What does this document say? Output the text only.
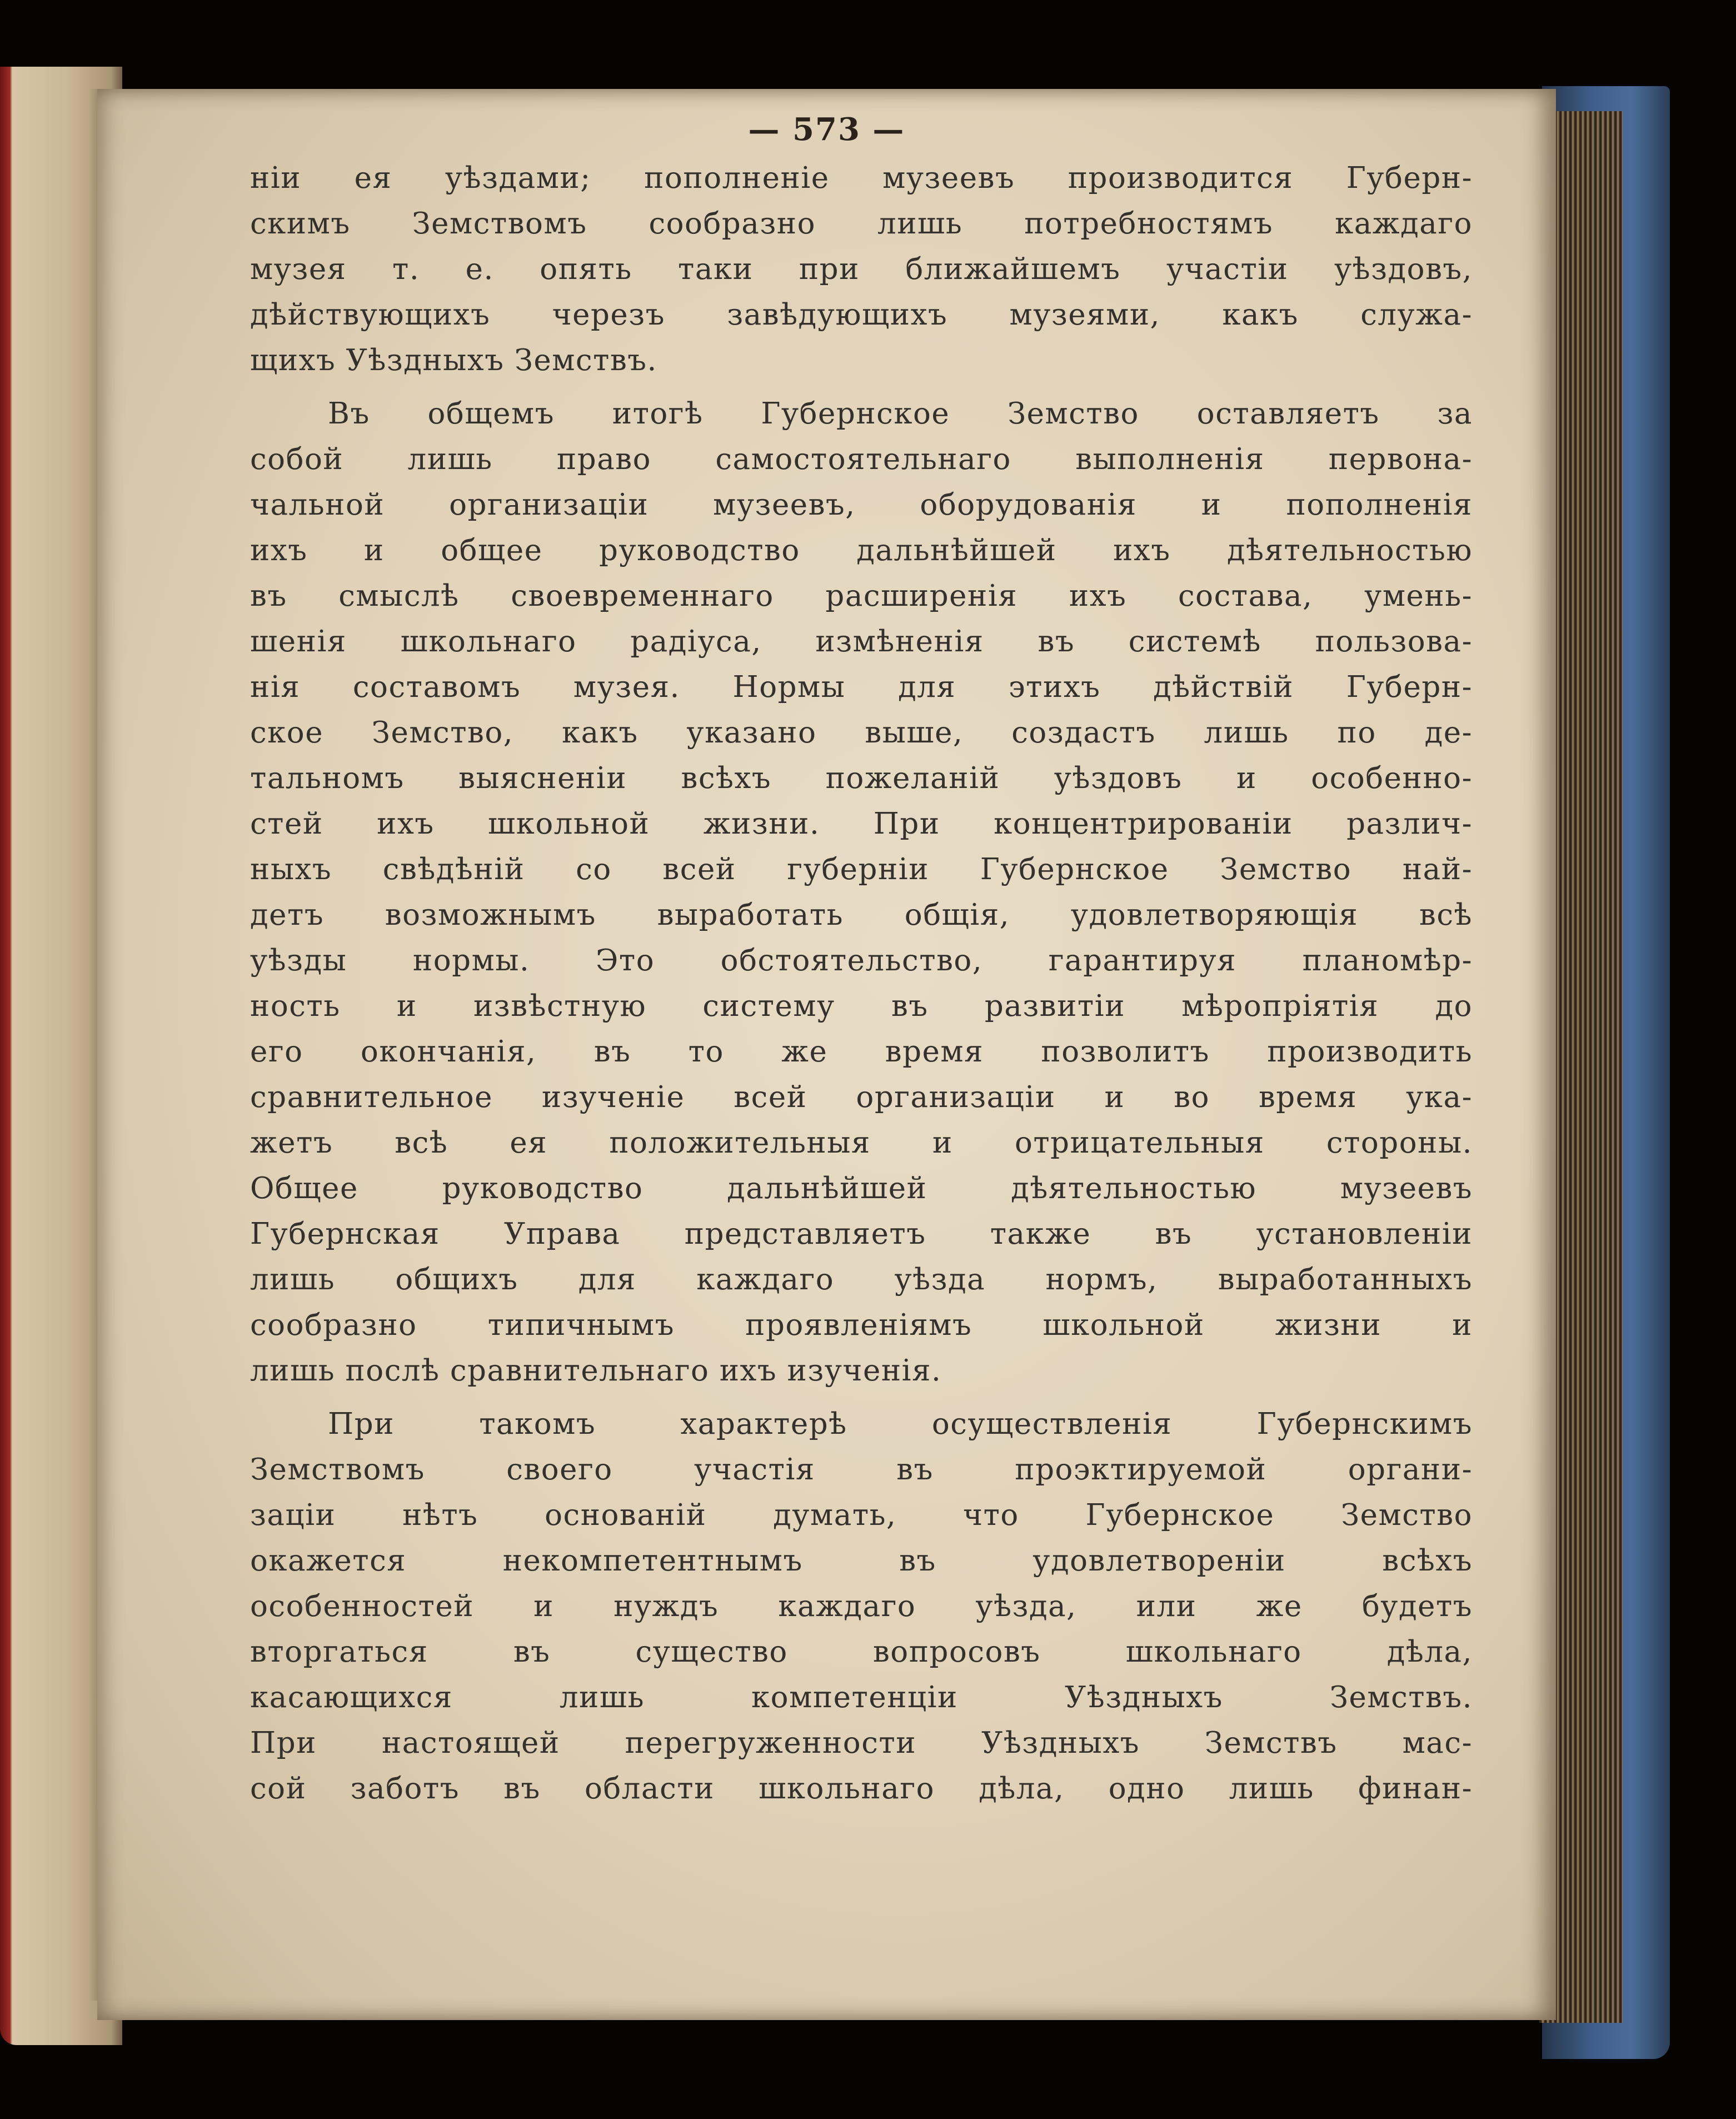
— 573 —
нiи ея уѣздами; пополненiе музеевъ производится Губерн-
скимъ Земствомъ сообразно лишь потребностямъ каждаго
музея т. е. опять таки при ближайшемъ участiи уѣздовъ,
дѣйствующихъ черезъ завѣдующихъ музеями, какъ служа-
щихъ Уѣздныхъ Земствъ.
Въ общемъ итогѣ Губернское Земство оставляетъ за
собой лишь право самостоятельнаго выполненiя первона-
чальной организацiи музеевъ, оборудованiя и пополненiя
ихъ и общее руководство дальнѣйшей ихъ дѣятельностью
въ смыслѣ своевременнаго расширенiя ихъ состава, умень-
шенiя школьнаго радiуса, измѣненiя въ системѣ пользова-
нiя составомъ музея. Нормы для этихъ дѣйствiй Губерн-
ское Земство, какъ указано выше, создастъ лишь по де-
тальномъ выясненiи всѣхъ пожеланiй уѣздовъ и особенно-
стей ихъ школьной жизни. При концентрированiи различ-
ныхъ свѣдѣнiй со всей губернiи Губернское Земство най-
детъ возможнымъ выработать общiя, удовлетворяющiя всѣ
уѣзды нормы. Это обстоятельство, гарантируя планомѣр-
ность и извѣстную систему въ развитiи мѣропрiятiя до
его окончанiя, въ то же время позволитъ производить
сравнительное изученiе всей организацiи и во время ука-
жетъ всѣ ея положительныя и отрицательныя стороны.
Общее руководство дальнѣйшей дѣятельностью музеевъ
Губернская Управа представляетъ также въ установленiи
лишь общихъ для каждаго уѣзда нормъ, выработанныхъ
сообразно типичнымъ проявленiямъ школьной жизни и
лишь послѣ сравнительнаго ихъ изученiя.
При такомъ характерѣ осуществленiя Губернскимъ
Земствомъ своего участiя въ проэктируемой органи-
зацiи нѣтъ основанiй думать, что Губернское Земство
окажется некомпетентнымъ въ удовлетворенiи всѣхъ
особенностей и нуждъ каждаго уѣзда, или же будетъ
вторгаться въ существо вопросовъ школьнаго дѣла,
касающихся лишь компетенцiи Уѣздныхъ Земствъ.
При настоящей перегруженности Уѣздныхъ Земствъ мас-
сой заботъ въ области школьнаго дѣла, одно лишь финан-
